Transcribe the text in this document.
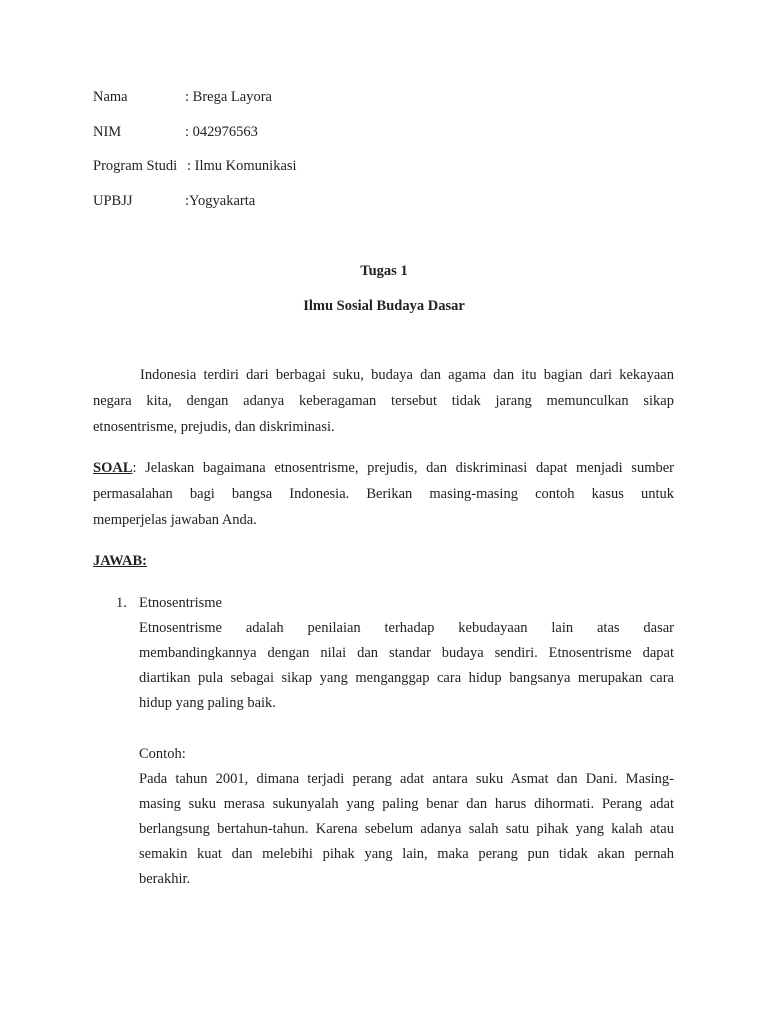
Nama	: Brega Layora
NIM	: 042976563
Program Studi : Ilmu Komunikasi
UPBJJ	:Yogyakarta
Tugas 1
Ilmu Sosial Budaya Dasar
Indonesia terdiri dari berbagai suku, budaya dan agama dan itu bagian dari kekayaan
negara kita, dengan adanya keberagaman tersebut tidak jarang memunculkan sikap
etnosentrisme, prejudis, dan diskriminasi.
SOAL: Jelaskan bagaimana etnosentrisme, prejudis, dan diskriminasi dapat menjadi sumber
permasalahan bagi bangsa Indonesia. Berikan masing-masing contoh kasus untuk
memperjelas jawaban Anda.
JAWAB:
1. Etnosentrisme
Etnosentrisme adalah penilaian terhadap kebudayaan lain atas dasar
membandingkannya dengan nilai dan standar budaya sendiri. Etnosentrisme dapat
diartikan pula sebagai sikap yang menganggap cara hidup bangsanya merupakan cara
hidup yang paling baik.
Contoh:
Pada tahun 2001, dimana terjadi perang adat antara suku Asmat dan Dani. Masing-
masing suku merasa sukunyalah yang paling benar dan harus dihormati. Perang adat
berlangsung bertahun-tahun. Karena sebelum adanya salah satu pihak yang kalah atau
semakin kuat dan melebihi pihak yang lain, maka perang pun tidak akan pernah
berakhir.
